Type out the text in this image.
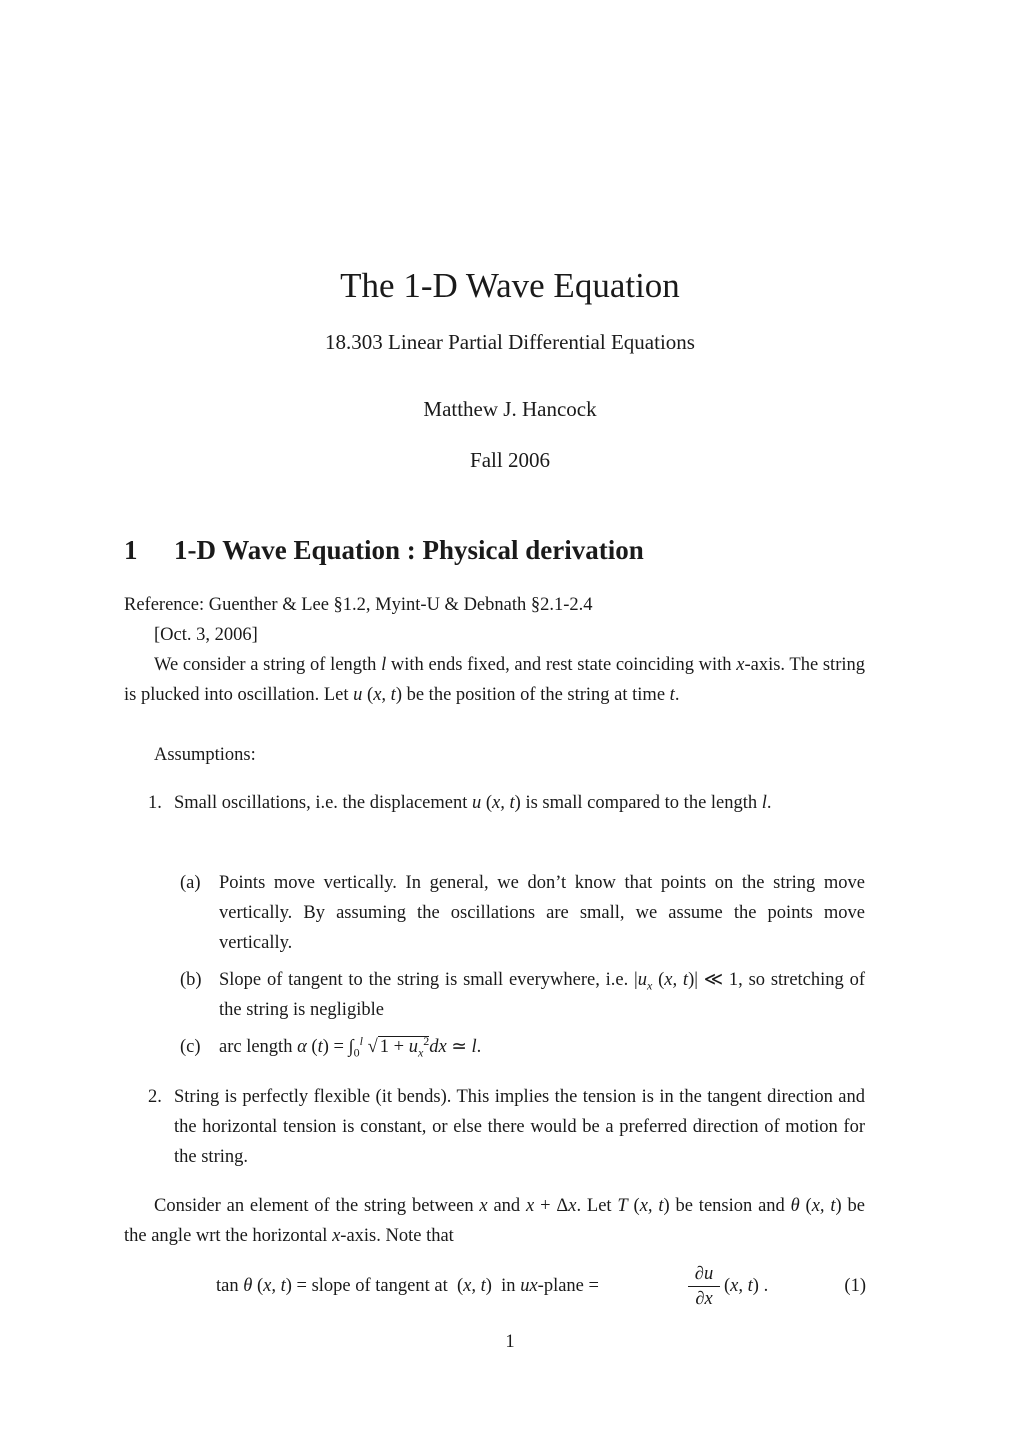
The 1-D Wave Equation
18.303 Linear Partial Differential Equations
Matthew J. Hancock
Fall 2006
1 1-D Wave Equation : Physical derivation
Reference: Guenther & Lee §1.2, Myint-U & Debnath §2.1-2.4
[Oct. 3, 2006]
We consider a string of length l with ends fixed, and rest state coinciding with x-axis. The string is plucked into oscillation. Let u (x, t) be the position of the string at time t.
Assumptions:
1. Small oscillations, i.e. the displacement u (x, t) is small compared to the length l.
(a) Points move vertically. In general, we don’t know that points on the string move vertically. By assuming the oscillations are small, we assume the points move vertically.
(b) Slope of tangent to the string is small everywhere, i.e. $|u_x$ (x, t)| ≪ 1, so stretching of the string is negligible
(c) arc length α $(t) = \int_0^l$ √ $1 + u_x^2dx$ ≃ l.
2. String is perfectly flexible (it bends). This implies the tension is in the tangent direction and the horizontal tension is constant, or else there would be a preferred direction of motion for the string.
Consider an element of the string between x and x + Δx. Let T (x, t) be tension and θ (x, t) be the angle wrt the horizontal x-axis. Note that
tan θ (x, t) = slope of tangent at  (x, t)  in ux-plane =	$\frac{\partial u}{\partial x} (x$, t) .	(1)
1
